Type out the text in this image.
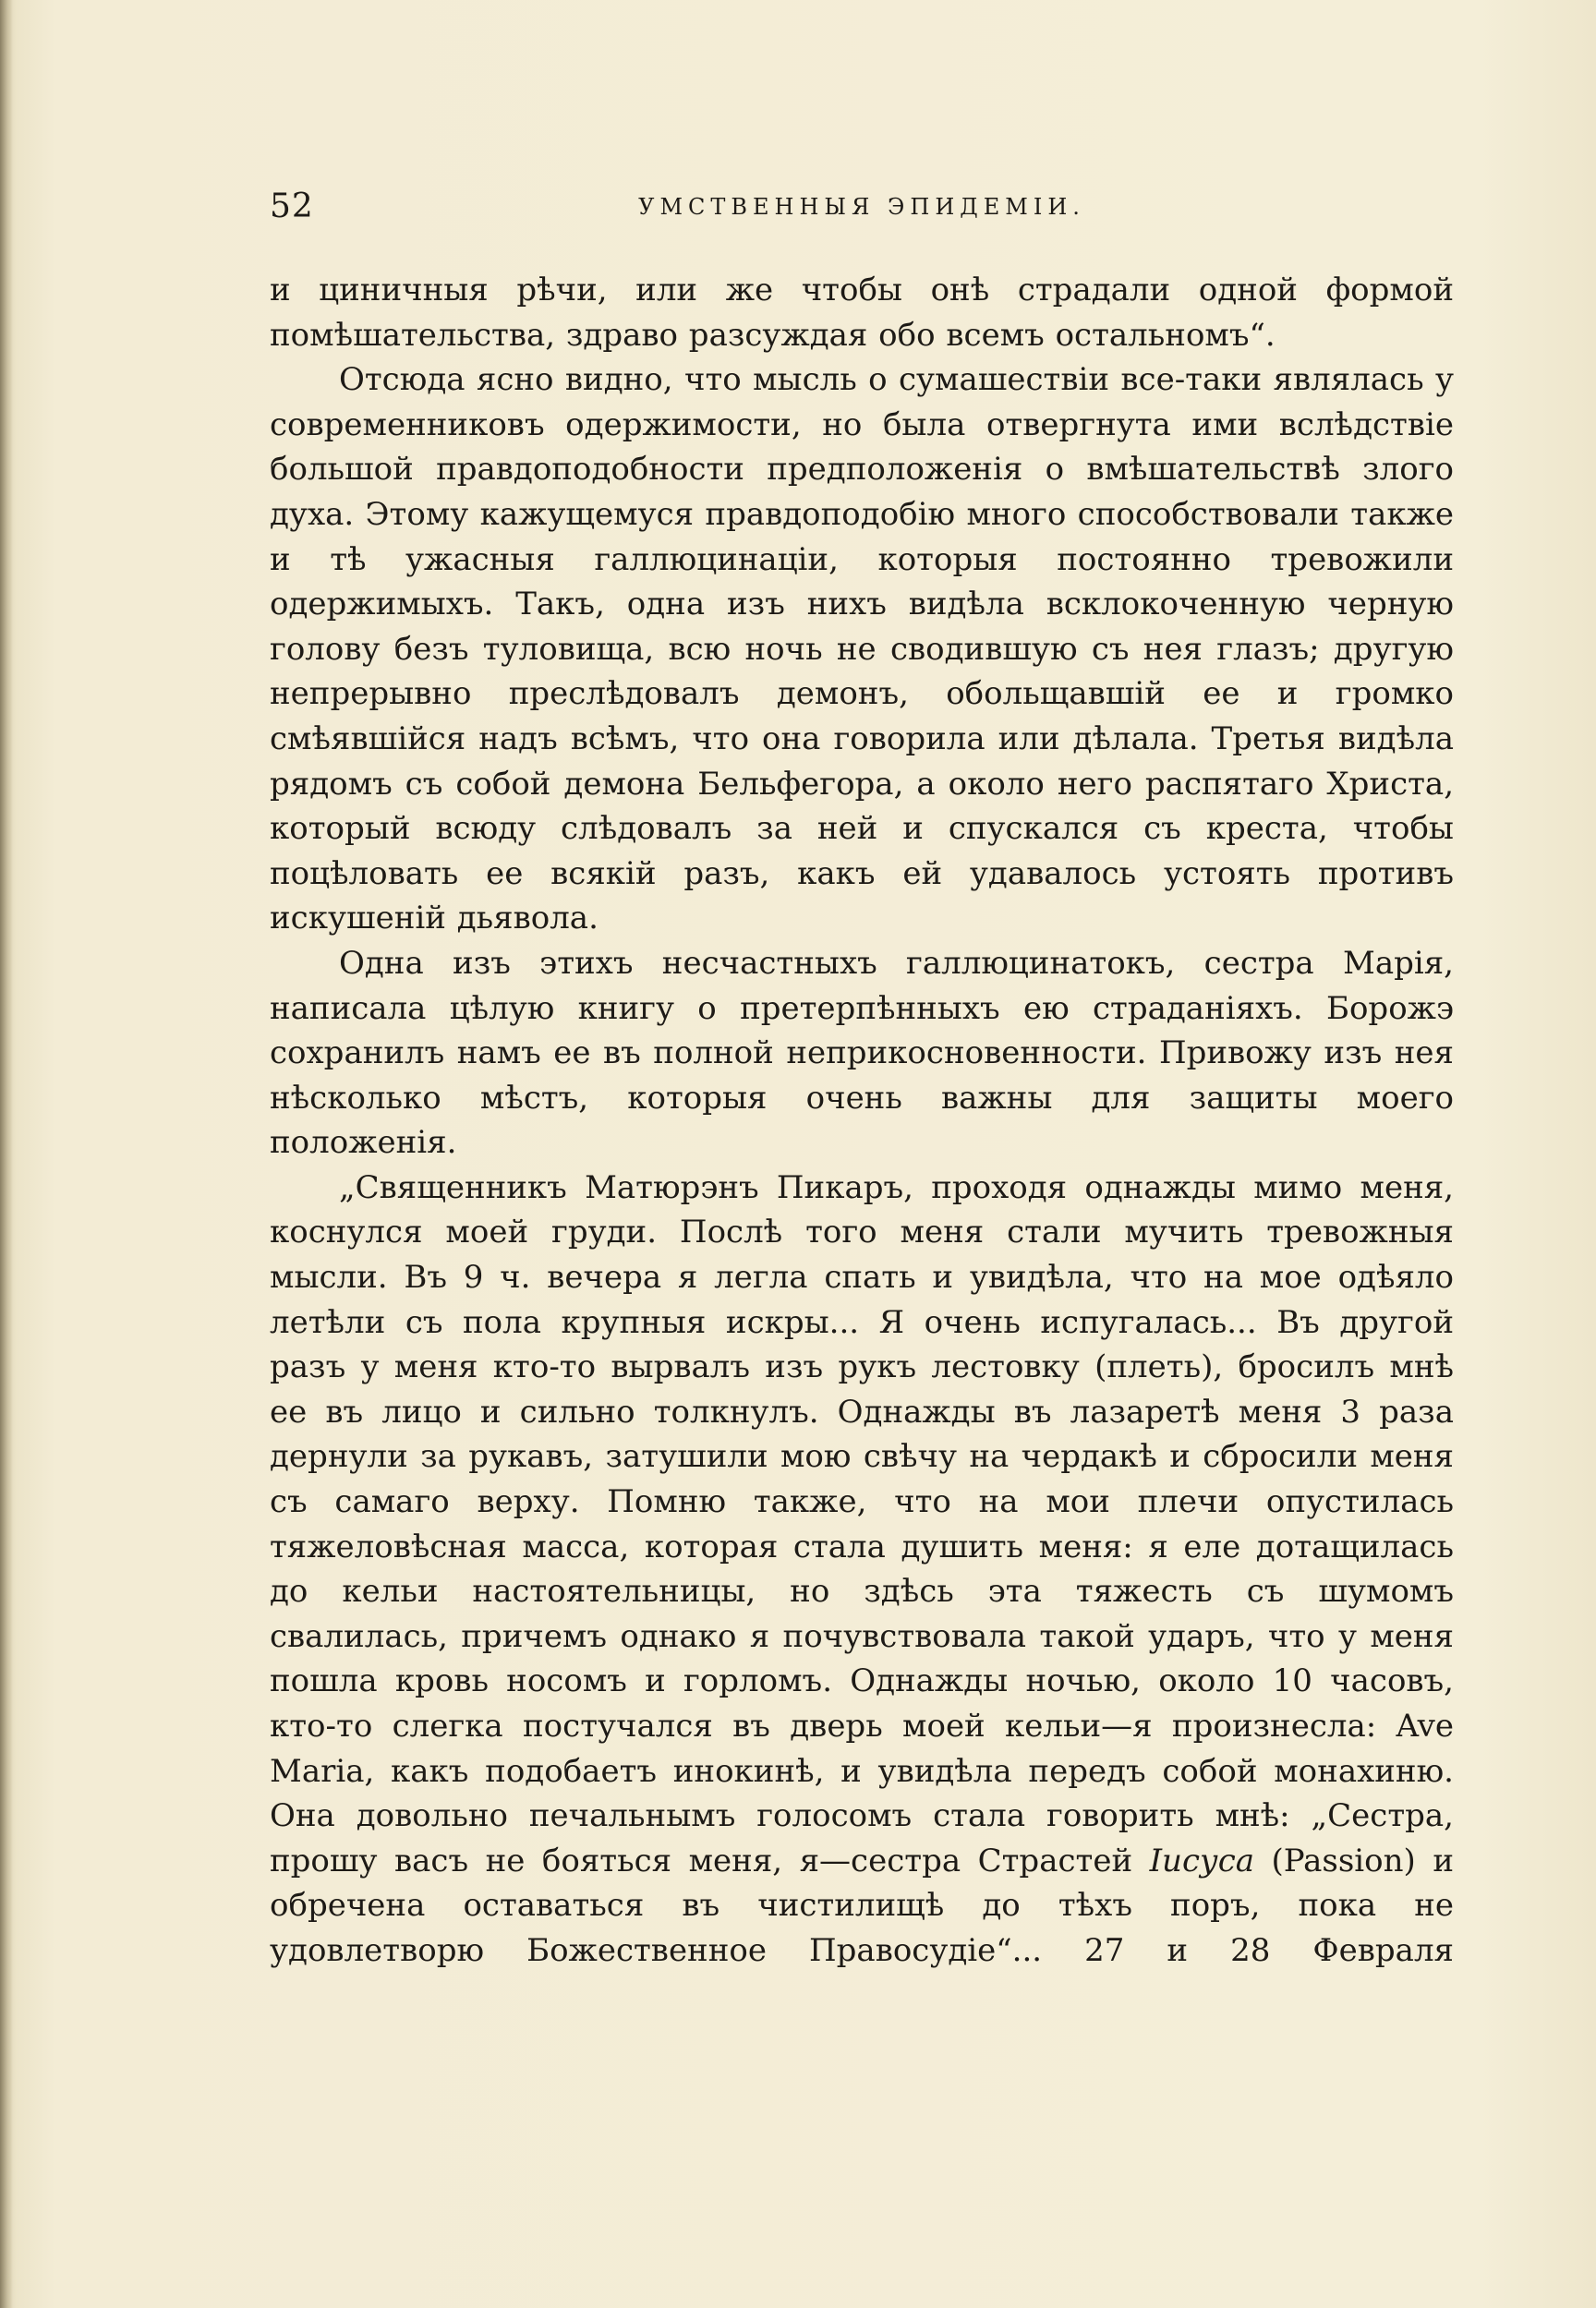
52	УМСТВЕННЫЯ ЭПИДЕМІИ.

и циничныя рѣчи, или же чтобы онѣ страдали одной формой помѣшательства, здраво разсуждая обо всемъ остальномъ“.

Отсюда ясно видно, что мысль о сумашествіи все-таки являлась у современниковъ одержимости, но была отвергнута ими вслѣдствіе большой правдоподобности предположенія о вмѣшательствѣ злого духа. Этому кажущемуся правдоподобію много способствовали также и тѣ ужасныя галлюцинаціи, которыя постоянно тревожили одержимыхъ. Такъ, одна изъ нихъ видѣла всклокоченную черную голову безъ туловища, всю ночь не сводившую съ нея глазъ; другую непрерывно преслѣдовалъ демонъ, обольщавшій ее и громко смѣявшійся надъ всѣмъ, что она говорила или дѣлала. Третья видѣла рядомъ съ собой демона Бельфегора, а около него распятаго Христа, который всюду слѣдовалъ за ней и спускался съ креста, чтобы поцѣловать ее всякій разъ, какъ ей удавалось устоять противъ искушеній дьявола.

Одна изъ этихъ несчастныхъ галлюцинатокъ, сестра Марія, написала цѣлую книгу о претерпѣнныхъ ею страданіяхъ. Борожэ сохранилъ намъ ее въ полной неприкосновенности. Привожу изъ нея нѣсколько мѣстъ, которыя очень важны для защиты моего положенія.

„Священникъ Матюрэнъ Пикаръ, проходя однажды мимо меня, коснулся моей груди. Послѣ того меня стали мучить тревожныя мысли. Въ 9 ч. вечера я легла спать и увидѣла, что на мое одѣяло летѣли съ пола крупныя искры... Я очень испугалась... Въ другой разъ у меня кто-то вырвалъ изъ рукъ лестовку (плеть), бросилъ мнѣ ее въ лицо и сильно толкнулъ. Однажды въ лазаретѣ меня 3 раза дернули за рукавъ, затушили мою свѣчу на чердакѣ и сбросили меня съ самаго верху. Помню также, что на мои плечи опустилась тяжеловѣсная масса, которая стала душить меня: я еле дотащилась до кельи настоятельницы, но здѣсь эта тяжесть съ шумомъ свалилась, причемъ однако я почувствовала такой ударъ, что у меня пошла кровь носомъ и горломъ. Однажды ночью, около 10 часовъ, кто-то слегка постучался въ дверь моей кельи—я произнесла: Ave Maria, какъ подобаетъ инокинѣ, и увидѣла передъ собой монахиню. Она довольно печальнымъ голосомъ стала говорить мнѣ: „Сестра, прошу васъ не бояться меня, я—сестра Страстей Іисуса (Passion) и обречена оставаться въ чистилищѣ до тѣхъ поръ, пока не удовлетворю Божественное Правосудіе“... 27 и 28 Февраля
